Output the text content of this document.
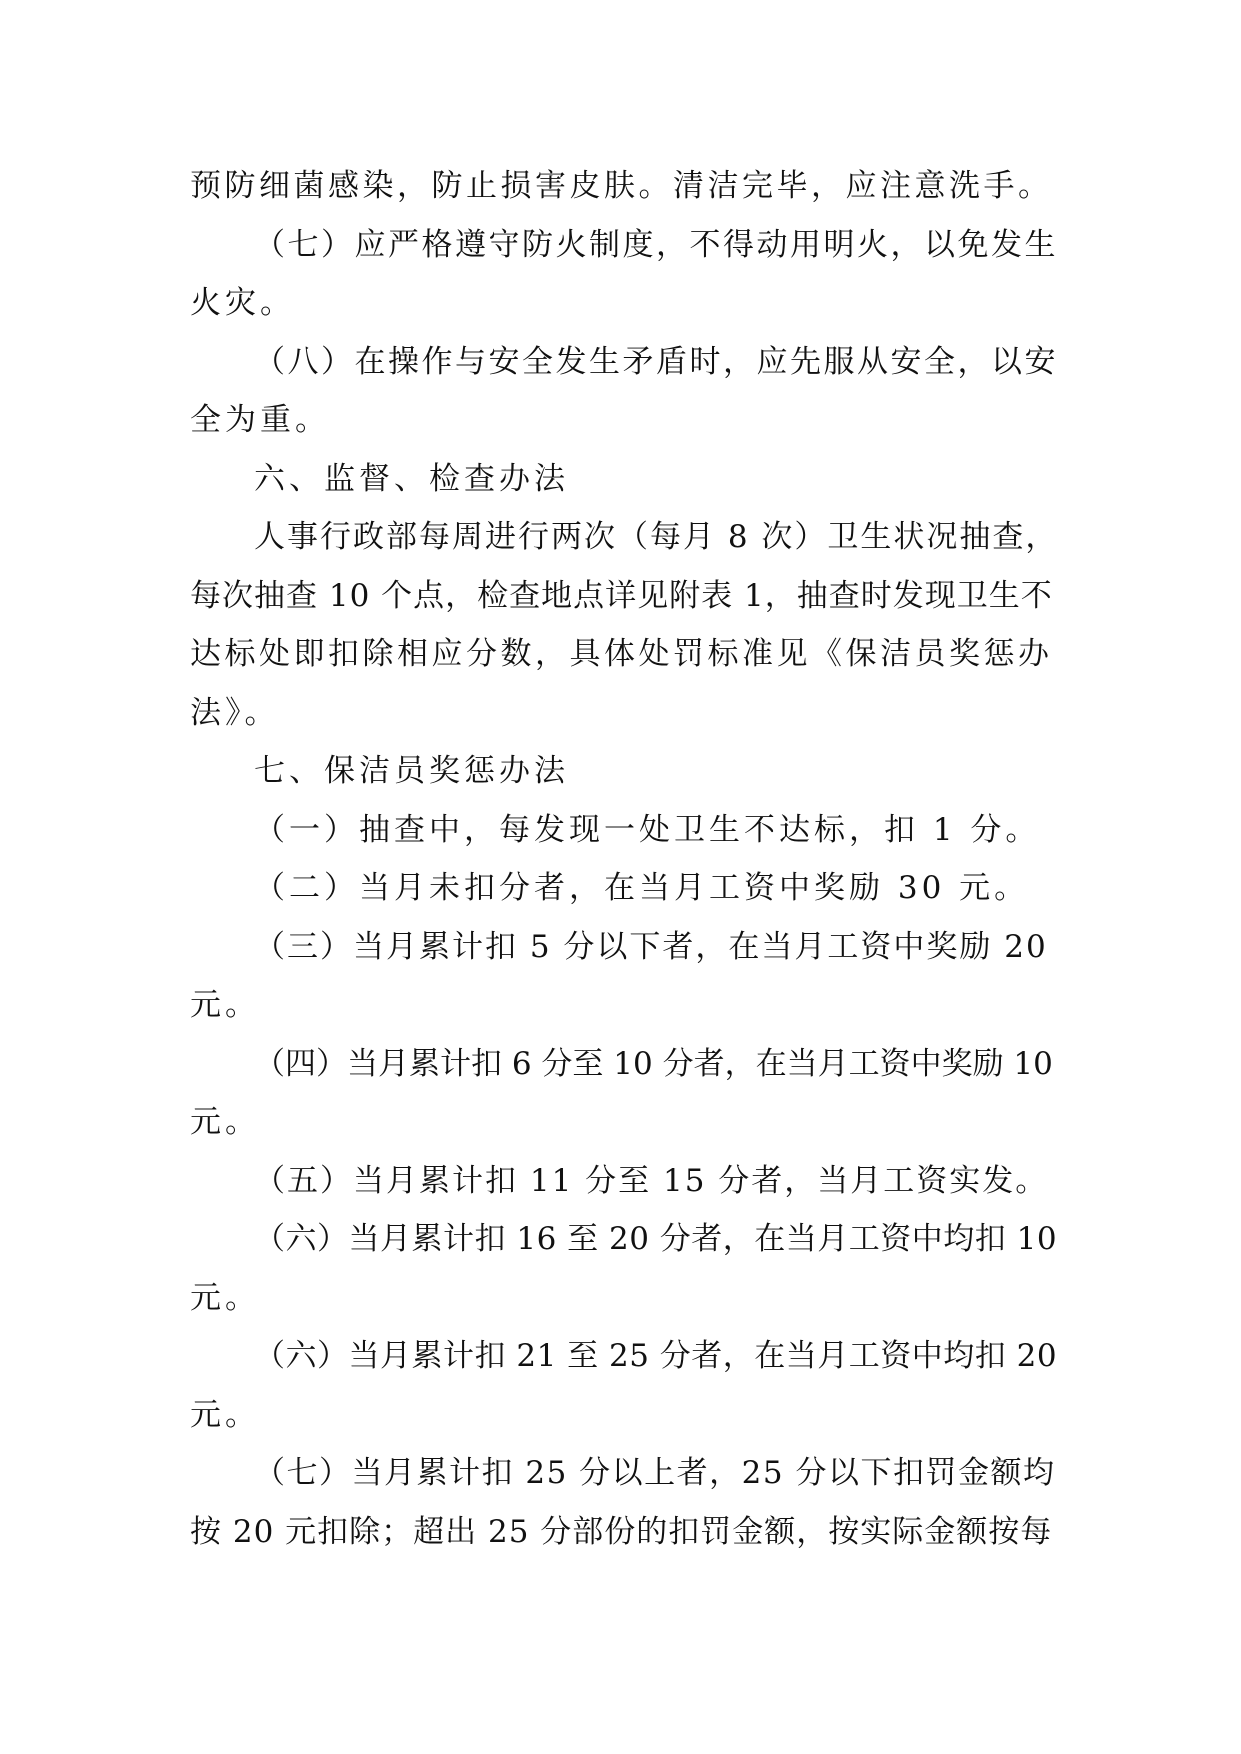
预防细菌感染，防止损害皮肤。清洁完毕，应注意洗手。
（七）应严格遵守防火制度，不得动用明火，以免发生
火灾。
（八）在操作与安全发生矛盾时，应先服从安全，以安
全为重。
六、监督、检查办法
人事行政部每周进行两次（每月 8 次）卫生状况抽查，
每次抽查 10 个点，检查地点详见附表 1，抽查时发现卫生不
达标处即扣除相应分数，具体处罚标准见《保洁员奖惩办
法》。
七、保洁员奖惩办法
（一）抽查中，每发现一处卫生不达标，扣 1 分。
（二）当月未扣分者，在当月工资中奖励 30 元。
（三）当月累计扣 5 分以下者，在当月工资中奖励 20
元。
（四）当月累计扣 6 分至 10 分者，在当月工资中奖励 10
元。
（五）当月累计扣 11 分至 15 分者，当月工资实发。
（六）当月累计扣 16 至 20 分者，在当月工资中均扣 10
元。
（六）当月累计扣 21 至 25 分者，在当月工资中均扣 20
元。
（七）当月累计扣 25 分以上者，25 分以下扣罚金额均
按 20 元扣除；超出 25 分部份的扣罚金额，按实际金额按每
